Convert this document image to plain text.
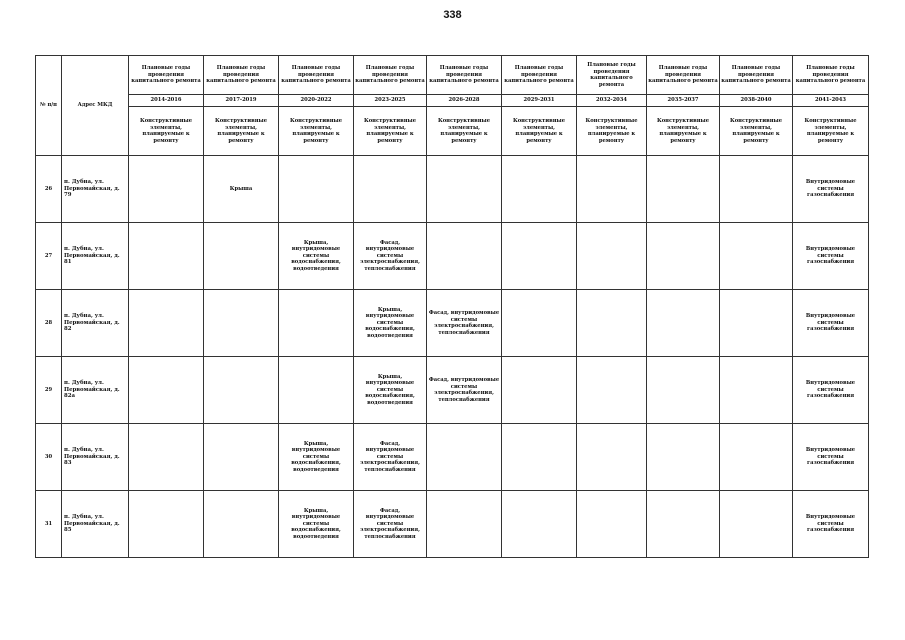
338
№ п/п	Адрес МКД	Плановые годы проведения капитального ремонта	Плановые годы проведения капитального ремонта	Плановые годы проведения капитального ремонта	Плановые годы проведения капитального ремонта	Плановые годы проведения капитального ремонта	Плановые годы проведения капитального ремонта	Плановые годы проведения капитального ремонта	Плановые годы проведения капитального ремонта	Плановые годы проведения капитального ремонта	Плановые годы проведения капитального ремонта
		2014-2016	2017-2019	2020-2022	2023-2025	2026-2028	2029-2031	2032-2034	2035-2037	2038-2040	2041-2043
		Конструктивные элементы, планируемые к ремонту	Конструктивные элементы, планируемые к ремонту	Конструктивные элементы, планируемые к ремонту	Конструктивные элементы, планируемые к ремонту	Конструктивные элементы, планируемые к ремонту	Конструктивные элементы, планируемые к ремонту	Конструктивные элементы, планируемые к ремонту	Конструктивные элементы, планируемые к ремонту	Конструктивные элементы, планируемые к ремонту	Конструктивные элементы, планируемые к ремонту
26	п. Дубна, ул. Первомайская, д. 79		Крыша								Внутридомовые системы газоснабжения
27	п. Дубна, ул. Первомайская, д. 81			Крыша, внутридомовые системы водоснабжения, водоотведения	Фасад, внутридомовые системы электроснабжения, теплоснабжения						Внутридомовые системы газоснабжения
28	п. Дубна, ул. Первомайская, д. 82				Крыша, внутридомовые системы водоснабжения, водоотведения	Фасад, внутридомовые системы электроснабжения, теплоснабжения					Внутридомовые системы газоснабжения
29	п. Дубна, ул. Первомайская, д. 82а				Крыша, внутридомовые системы водоснабжения, водоотведения	Фасад, внутридомовые системы электроснабжения, теплоснабжения					Внутридомовые системы газоснабжения
30	п. Дубна, ул. Первомайская, д. 83			Крыша, внутридомовые системы водоснабжения, водоотведения	Фасад, внутридомовые системы электроснабжения, теплоснабжения						Внутридомовые системы газоснабжения
31	п. Дубна, ул. Первомайская, д. 85			Крыша, внутридомовые системы водоснабжения, водоотведения	Фасад, внутридомовые системы электроснабжения, теплоснабжения						Внутридомовые системы газоснабжения
